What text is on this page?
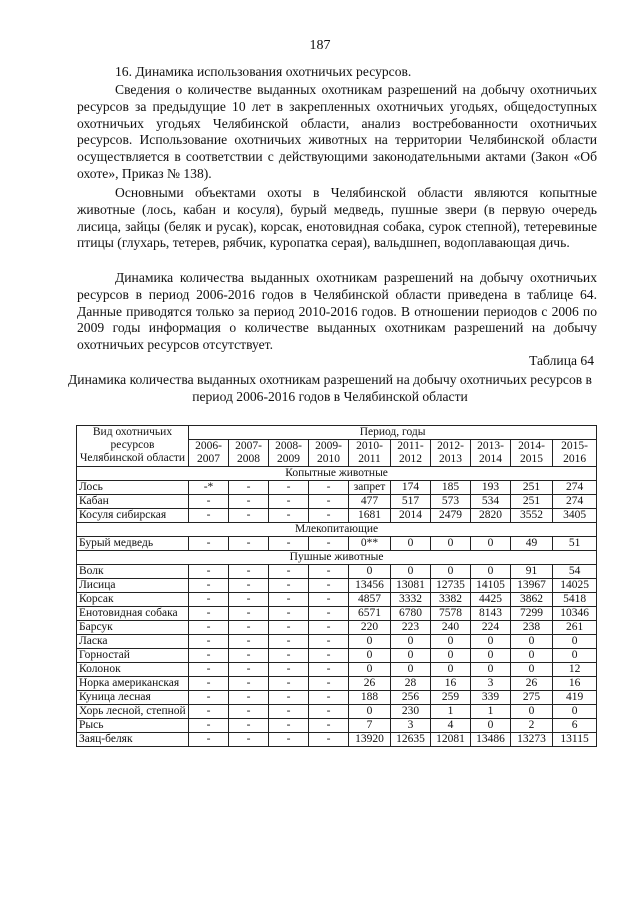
187

16. Динамика использования охотничьих ресурсов.

Сведения о количестве выданных охотникам разрешений на добычу охотничьих ресурсов за предыдущие 10 лет в закрепленных охотничьих угодьях, общедоступных охотничьих угодьях Челябинской области, анализ востребованности охотничьих ресурсов. Использование охотничьих животных на территории Челябинской области осуществляется в соответствии с действующими законодательными актами (Закон «Об охоте», Приказ № 138).

Основными объектами охоты в Челябинской области являются копытные животные (лось, кабан и косуля), бурый медведь, пушные звери (в первую очередь лисица, зайцы (беляк и русак), корсак, енотовидная собака, сурок степной), тетеревиные птицы (глухарь, тетерев, рябчик, куропатка серая), вальдшнеп, водоплавающая дичь.

Динамика количества выданных охотникам разрешений на добычу охотничьих ресурсов в период 2006-2016 годов в Челябинской области приведена в таблице 64. Данные приводятся только за период 2010-2016 годов. В отношении периодов с 2006 по 2009 годы информация о количестве выданных охотникам разрешений на добычу охотничьих ресурсов отсутствует.

Таблица 64
Динамика количества выданных охотникам разрешений на добычу охотничьих ресурсов в период 2006-2016 годов в Челябинской области
Вид охотничьих ресурсов Челябинской области	Период, годы									
	2006-2007	2007-2008	2008-2009	2009-2010	2010-2011	2011-2012	2012-2013	2013-2014	2014-2015	2015-2016
Копытные животные										
Лось	-*	-	-	-	запрет	174	185	193	251	274
Кабан	-	-	-	-	477	517	573	534	251	274
Косуля сибирская	-	-	-	-	1681	2014	2479	2820	3552	3405
Млекопитающие										
Бурый медведь	-	-	-	-	0**	0	0	0	49	51
Пушные животные										
Волк	-	-	-	-	0	0	0	0	91	54
Лисица	-	-	-	-	13456	13081	12735	14105	13967	14025
Корсак	-	-	-	-	4857	3332	3382	4425	3862	5418
Енотовидная собака	-	-	-	-	6571	6780	7578	8143	7299	10346
Барсук	-	-	-	-	220	223	240	224	238	261
Ласка	-	-	-	-	0	0	0	0	0	0
Горностай	-	-	-	-	0	0	0	0	0	0
Колонок	-	-	-	-	0	0	0	0	0	12
Норка американская	-	-	-	-	26	28	16	3	26	16
Куница лесная	-	-	-	-	188	256	259	339	275	419
Хорь лесной, степной	-	-	-	-	0	230	1	1	0	0
Рысь	-	-	-	-	7	3	4	0	2	6
Заяц-беляк	-	-	-	-	13920	12635	12081	13486	13273	13115
